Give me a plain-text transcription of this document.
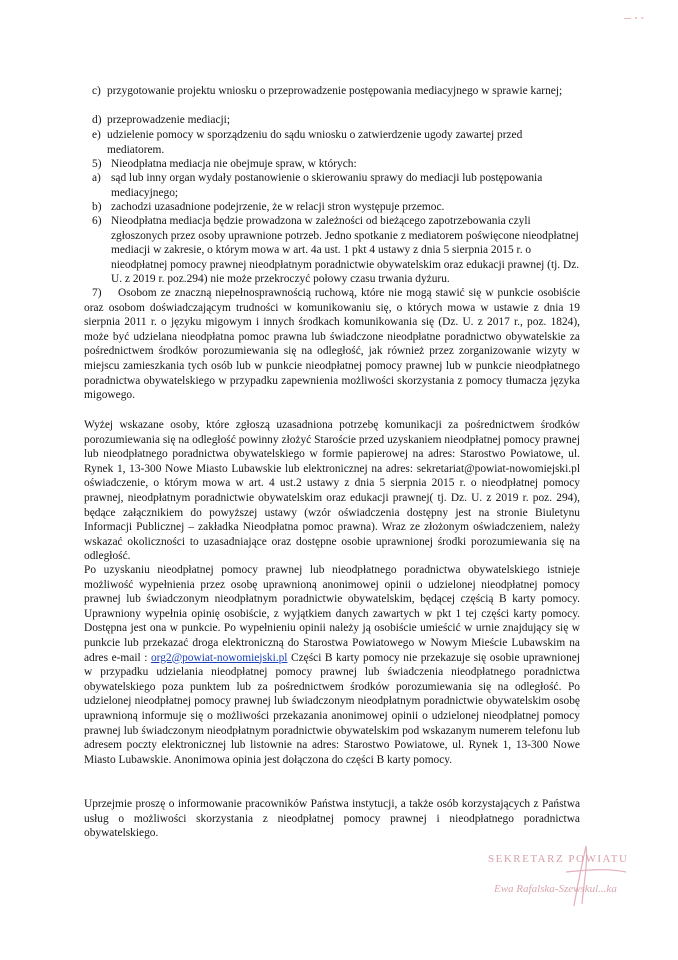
— ◦ ◦
c) przygotowanie projektu wniosku o przeprowadzenie postępowania mediacyjnego w sprawie karnej;
d) przeprowadzenie mediacji;
e) udzielenie pomocy w sporządzeniu do sądu wniosku o zatwierdzenie ugody zawartej przed mediatorem.
5) Nieodpłatna mediacja nie obejmuje spraw, w których:
a) sąd lub inny organ wydały postanowienie o skierowaniu sprawy do mediacji lub postępowania mediacyjnego;
b) zachodzi uzasadnione podejrzenie, że w relacji stron występuje przemoc.
6) Nieodpłatna mediacja będzie prowadzona w zależności od bieżącego zapotrzebowania czyli zgłoszonych przez osoby uprawnione potrzeb. Jedno spotkanie z mediatorem poświęcone nieodpłatnej mediacji w zakresie, o którym mowa w art. 4a ust. 1 pkt 4 ustawy z dnia 5 sierpnia 2015 r. o nieodpłatnej pomocy prawnej nieodpłatnym poradnictwie obywatelskim oraz edukacji prawnej (tj. Dz. U. z 2019 r. poz.294) nie może przekroczyć połowy czasu trwania dyżuru.

7) Osobom ze znaczną niepełnosprawnością ruchową, które nie mogą stawić się w punkcie osobiście oraz osobom doświadczającym trudności w komunikowaniu się, o których mowa w ustawie z dnia 19 sierpnia 2011 r. o języku migowym i innych środkach komunikowania się (Dz. U. z 2017 r., poz. 1824), może być udzielana nieodpłatna pomoc prawna lub świadczone nieodpłatne poradnictwo obywatelskie za pośrednictwem środków porozumiewania się na odległość, jak również przez zorganizowanie wizyty w miejscu zamieszkania tych osób lub w punkcie nieodpłatnej pomocy prawnej lub w punkcie nieodpłatnego poradnictwa obywatelskiego w przypadku zapewnienia możliwości skorzystania z pomocy tłumacza języka migowego.

Wyżej wskazane osoby, które zgłoszą uzasadniona potrzebę komunikacji za pośrednictwem środków porozumiewania się na odległość powinny złożyć Staroście przed uzyskaniem nieodpłatnej pomocy prawnej lub nieodpłatnego poradnictwa obywatelskiego w formie papierowej na adres: Starostwo Powiatowe, ul. Rynek 1, 13-300 Nowe Miasto Lubawskie lub elektronicznej na adres: sekretariat@powiat-nowomiejski.pl oświadczenie, o którym mowa w art. 4 ust.2 ustawy z dnia 5 sierpnia 2015 r. o nieodpłatnej pomocy prawnej, nieodpłatnym poradnictwie obywatelskim oraz edukacji prawnej( tj. Dz. U. z 2019 r. poz. 294), będące załącznikiem do powyższej ustawy (wzór oświadczenia dostępny jest na stronie Biuletynu Informacji Publicznej – zakładka Nieodpłatna pomoc prawna). Wraz ze złożonym oświadczeniem, należy wskazać okoliczności to uzasadniające oraz dostępne osobie uprawnionej środki porozumiewania się na odległość.

Po uzyskaniu nieodpłatnej pomocy prawnej lub nieodpłatnego poradnictwa obywatelskiego istnieje możliwość wypełnienia przez osobę uprawnioną anonimowej opinii o udzielonej nieodpłatnej pomocy prawnej lub świadczonym nieodpłatnym poradnictwie obywatelskim, będącej częścią B karty pomocy. Uprawniony wypełnia opinię osobiście, z wyjątkiem danych zawartych w pkt 1 tej części karty pomocy. Dostępna jest ona w punkcie. Po wypełnieniu opinii należy ją osobiście umieścić w urnie znajdujący się w punkcie lub przekazać droga elektroniczną do Starostwa Powiatowego w Nowym Mieście Lubawskim na adres e-mail : org2@powiat-nowomiejski.pl Części B karty pomocy nie przekazuje się osobie uprawnionej w przypadku udzielania nieodpłatnej pomocy prawnej lub świadczenia nieodpłatnego poradnictwa obywatelskiego poza punktem lub za pośrednictwem środków porozumiewania się na odległość. Po udzielonej nieodpłatnej pomocy prawnej lub świadczonym nieodpłatnym poradnictwie obywatelskim osobę uprawnioną informuje się o możliwości przekazania anonimowej opinii o udzielonej nieodpłatnej pomocy prawnej lub świadczonym nieodpłatnym poradnictwie obywatelskim pod wskazanym numerem telefonu lub adresem poczty elektronicznej lub listownie na adres: Starostwo Powiatowe, ul. Rynek 1, 13-300 Nowe Miasto Lubawskie. Anonimowa opinia jest dołączona do części B karty pomocy.

Uprzejmie proszę o informowanie pracowników Państwa instytucji, a także osób korzystających z Państwa usług o możliwości skorzystania z nieodpłatnej pomocy prawnej i nieodpłatnego poradnictwa obywatelskiego.

SEKRETARZ POWIATU
Ewa Rafalska-Szewskul...ka
